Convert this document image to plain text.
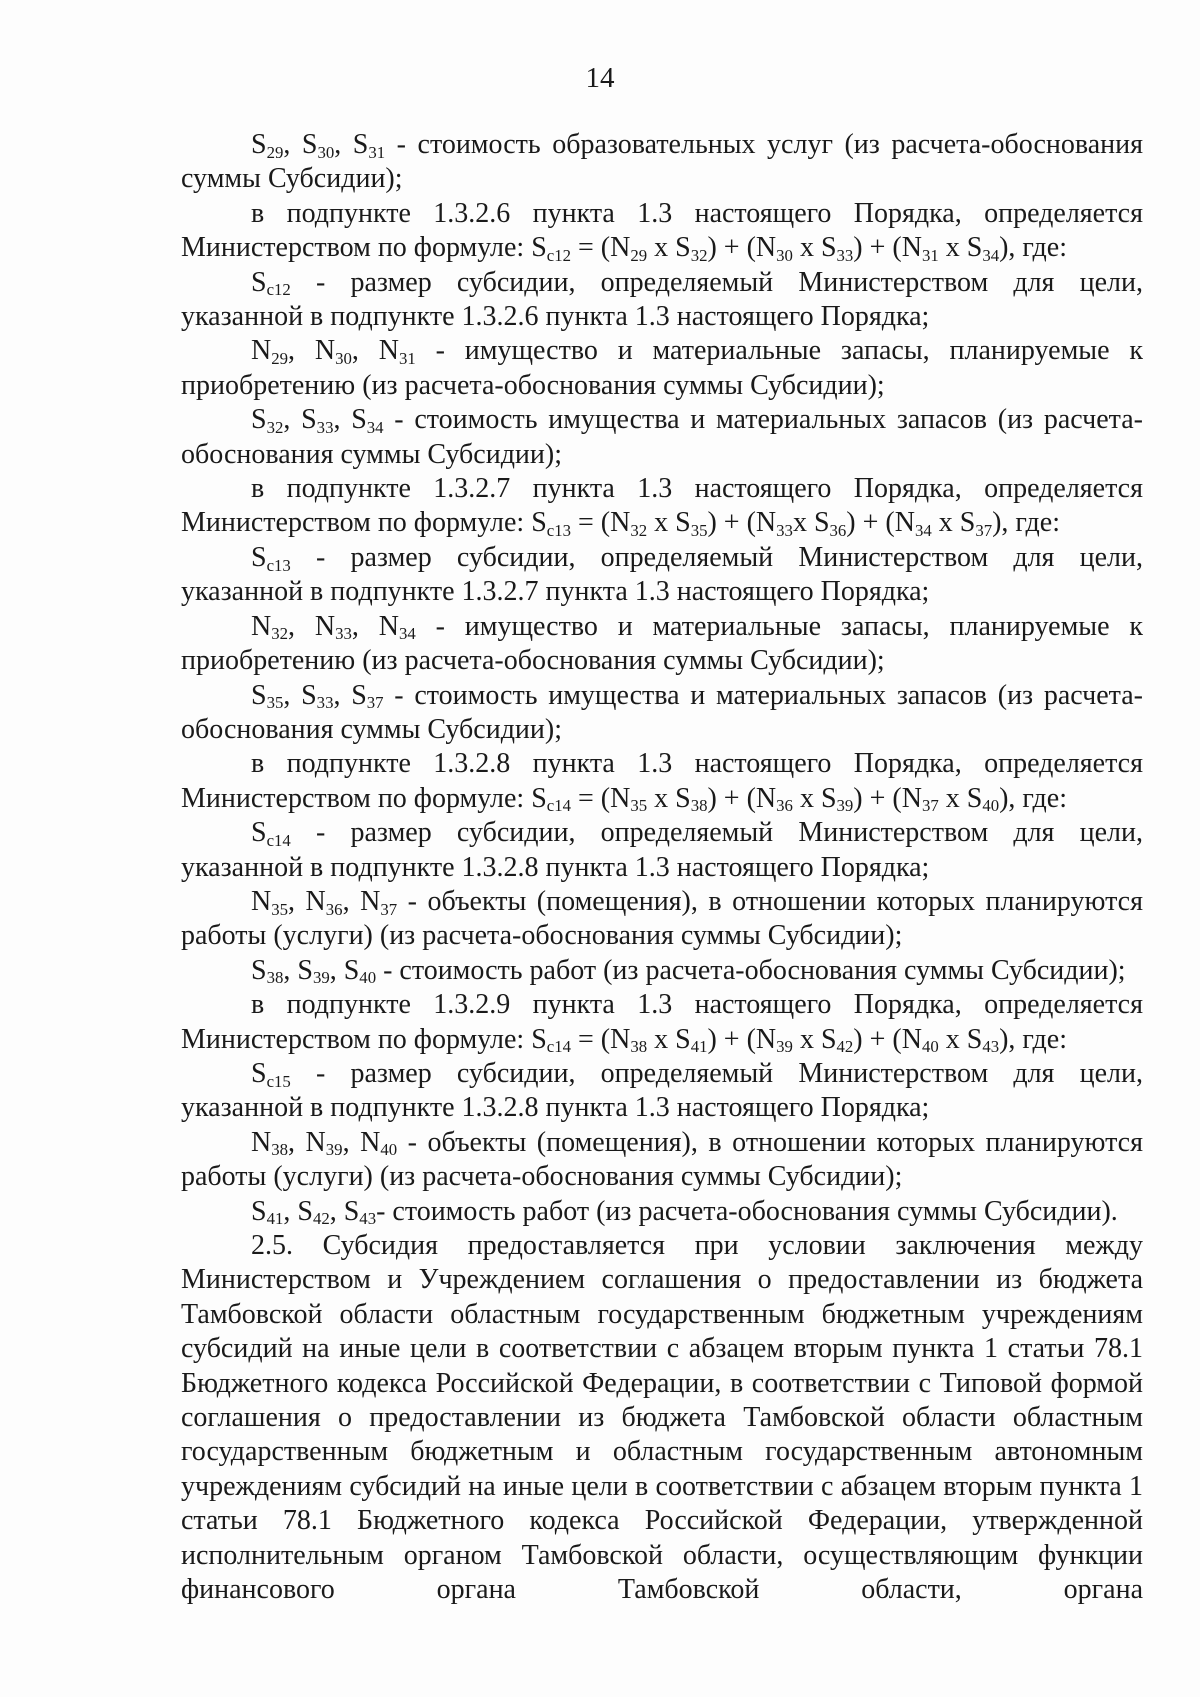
14

$S_{29}$, $S_{30}$, $S_{31}$ - стоимость образовательных услуг (из расчета-обоснования суммы Субсидии);

в подпункте 1.3.2.6 пункта 1.3 настоящего Порядка, определяется Министерством по формуле: $S_{c12} = (N_{29}$ x $S_{32}) + (N_{30}$ x $S_{33}) + (N_{31}$ x $S_{34}$), где:

$S_{c12}$ - размер субсидии, определяемый Министерством для цели, указанной в подпункте 1.3.2.6 пункта 1.3 настоящего Порядка;

$N_{29}$, $N_{30}$, $N_{31}$ - имущество и материальные запасы, планируемые к приобретению (из расчета-обоснования суммы Субсидии);

$S_{32}$, $S_{33}$, $S_{34}$ - стоимость имущества и материальных запасов (из расчета-обоснования суммы Субсидии);

в подпункте 1.3.2.7 пункта 1.3 настоящего Порядка, определяется Министерством по формуле: $S_{c13} = (N_{32}$ x $S_{35}) + (N_{33}x$ $S_{36}) + (N_{34}$ x $S_{37}$), где:

$S_{c13}$ - размер субсидии, определяемый Министерством для цели, указанной в подпункте 1.3.2.7 пункта 1.3 настоящего Порядка;

$N_{32}$, $N_{33}$, $N_{34}$ - имущество и материальные запасы, планируемые к приобретению (из расчета-обоснования суммы Субсидии);

$S_{35}$, $S_{33}$, $S_{37}$ - стоимость имущества и материальных запасов (из расчета-обоснования суммы Субсидии);

в подпункте 1.3.2.8 пункта 1.3 настоящего Порядка, определяется Министерством по формуле: $S_{c14} = (N_{35}$ x $S_{38}) + (N_{36}$ x $S_{39}) + (N_{37}$ x $S_{40}$), где:

$S_{c14}$ - размер субсидии, определяемый Министерством для цели, указанной в подпункте 1.3.2.8 пункта 1.3 настоящего Порядка;

$N_{35}$, $N_{36}$, $N_{37}$ - объекты (помещения), в отношении которых планируются работы (услуги) (из расчета-обоснования суммы Субсидии);

$S_{38}$, $S_{39}$, $S_{40}$ - стоимость работ (из расчета-обоснования суммы Субсидии);

в подпункте 1.3.2.9 пункта 1.3 настоящего Порядка, определяется Министерством по формуле: $S_{c14} = (N_{38}$ x $S_{41}) + (N_{39}$ x $S_{42}) + (N_{40}$ x $S_{43}$), где:

$S_{c15}$ - размер субсидии, определяемый Министерством для цели, указанной в подпункте 1.3.2.8 пункта 1.3 настоящего Порядка;

$N_{38}$, $N_{39}$, $N_{40}$ - объекты (помещения), в отношении которых планируются работы (услуги) (из расчета-обоснования суммы Субсидии);

$S_{41}$, $S_{42}$, $S_{43}-$ стоимость работ (из расчета-обоснования суммы Субсидии).

2.5. Субсидия предоставляется при условии заключения между Министерством и Учреждением соглашения о предоставлении из бюджета Тамбовской области областным государственным бюджетным учреждениям субсидий на иные цели в соответствии с абзацем вторым пункта 1 статьи 78.1 Бюджетного кодекса Российской Федерации, в соответствии с Типовой формой соглашения о предоставлении из бюджета Тамбовской области областным государственным бюджетным и областным государственным автономным учреждениям субсидий на иные цели в соответствии с абзацем вторым пункта 1 статьи 78.1 Бюджетного кодекса Российской Федерации, утвержденной исполнительным органом Тамбовской области, осуществляющим функции финансового органа Тамбовской области, органа
